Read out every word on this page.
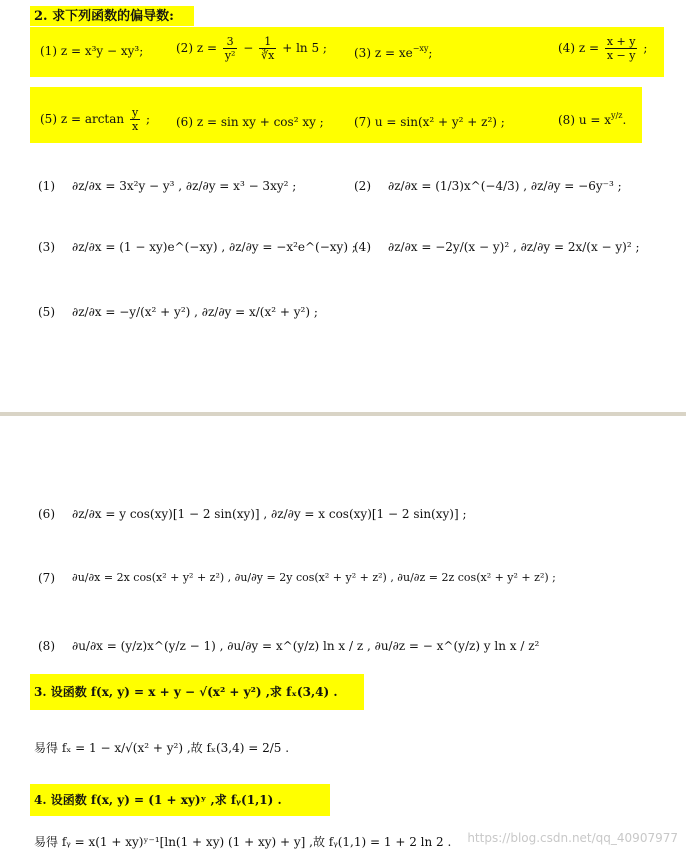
2. 求下列函数的偏导数:
(1) z = x³y − xy³;	(2) $z = \frac{3}{\text{y²}} - \frac{1}{∛x} + \ln 5$ ; (3) $z = xe^{-xy}$;	(4) $z = \frac{x + y}{x - y}$ ;
(5) $z = \arctan \frac{y}{x}$ ; (6) z = sin xy + cos² xy ;	(7) u = sin(x² + y² + z²) ;	(8) $u = x^{y/z}$.
(1) ∂z/∂x = 3x²y − y³ , ∂z/∂y = x³ − 3xy² ;	(2) ∂z/∂x = (1/3)x^(−4/3) , ∂z/∂y = −6y⁻³ ;
(3) ∂z/∂x = (1 − xy)e^(−xy) , ∂z/∂y = −x²e^(−xy) ;
(4) ∂z/∂x = −2y/(x − y)² , ∂z/∂y = 2x/(x − y)² ;
(5) ∂z/∂x = −y/(x² + y²) , ∂z/∂y = x/(x² + y²) ;
(6) ∂z/∂x = y cos(xy)[1 − 2 sin(xy)] , ∂z/∂y = x cos(xy)[1 − 2 sin(xy)] ;
(7) ∂u/∂x = 2x cos(x² + y² + z²) , ∂u/∂y = 2y cos(x² + y² + z²) , ∂u/∂z = 2z cos(x² + y² + z²) ;
(8) ∂u/∂x = (y/z)x^(y/z − 1) , ∂u/∂y = x^(y/z) ln x / z , ∂u/∂z = − x^(y/z) y ln x / z²
3. 设函数 f(x, y) = x + y − √(x² + y²) ,求 fₓ(3,4) .
易得 fₓ = 1 − x/√(x² + y²) ,故 fₓ(3,4) = 2/5 .
4. 设函数 f(x, y) = (1 + xy)ʸ ,求 fᵧ(1,1) .
易得 fᵧ = x(1 + xy)ʸ⁻¹[ln(1 + xy) (1 + xy) + y] ,故 fᵧ(1,1) = 1 + 2 ln 2 . https://blog.csdn.net/qq_40907977
